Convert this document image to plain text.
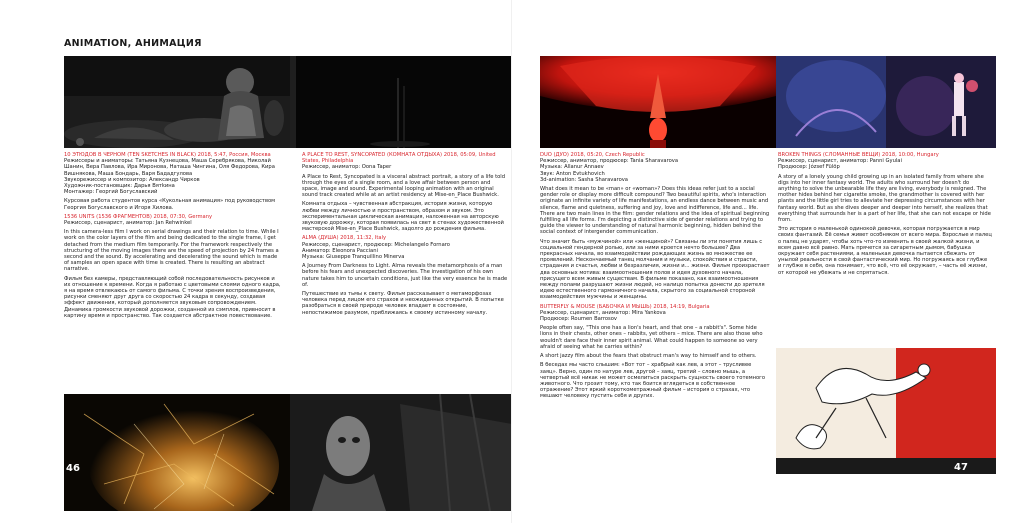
ANIMATION, АНИМАЦИЯ
10 ЭТЮДОВ В ЧЕРНОМ (TEN SKETCHES IN BLACK) 2018, 5:47, Россия, Москва
Режиссеры и аниматоры: Татьяна Кузнецова, Маша Серебрякова, Николай Шанин, Вера Павлова, Ира Миронова, Наташа Чингина, Оля Федорова, Кира Вишнякова, Маша Бондарь, Варя Бададгулова
Звукорежиссер и композитор: Александр Чирков
Художник-постановщик: Дарья Вятkина
Монтажер: Георгий Богуславский

Курсовая работа студентов курса «Кукольная анимация» под руководством Георгия Богуславского и Игоря Хилова.

1536 UNITS (1536 ФРАГМЕНТОВ) 2018, 07:30, Germany
Режиссер, сценарист, аниматор: Jan Rehwinkel

In this camera-less film I work on serial drawings and their relation to time. While I work on the color layers of the film and being dedicated to the single frame, I get detached from the medium film temporarily. For the framework respectively the structuring of the moving images there are the speed of projection by 24 frames a second and the sound. By accelerating and decelerating the sound which is made of samples an open space with time is created. There is resulting an abstract narrative.

Фильм без камеры, представляющий собой последовательность рисунков и их отношение к времени. Когда я работаю с цветовыми слоями одного кадра, я на время отвлекаюсь от самого фильма. С точки зрения воспроизведения, рисунки сменяют друг друга со скоростью 24 кадра в секунду, создавая эффект движения, который дополняется звуковым сопровождением. Динамика громкости звуковой дорожки, созданной из сэмплов, привносит в картину время и пространство. Так создается абстрактное повествование.

A PLACE TO REST, SYNCOPATED (КОМНАТА ОТДЫХА) 2018, 05:09, United States, Philadelphia
Режиссер, аниматор: Oona Taper

A Place to Rest, Syncopated is a visceral abstract portrait, a story of a life told through the eyes of a single room, and a love affair between person and space, image and sound. Experimental looping animation with an original sound track created while at an artist residency at Mise-en_Place Bushwick.

Комната отдыха – чувственная абстракция, история жизни, которую любви между личностью и пространством, образом и звуком. Это экспериментальная циклическая анимация, наложенная на авторскую звуковую дорожку, которая появилась на свет в стенах художественной мастерской Mise-en_Place Bushwick, задолго до рождения фильма.

ALMA (ДУША) 2018, 11:32, Italy
Режиссер, сценарист, продюсер: Michelangelo Fornaro
Аниматор: Eleonora Pacciani
Музыка: Giuseppe Tranquillino Minerva

A Journey From Darkness to Light. Alma reveals the metamorphosis of a man before his fears and unexpected discoveries. The investigation of his own nature takes him to uncertain conditions, just like the very essence he is made of.

Путешествие из тьмы к свету. Фильм рассказывает о метаморфозах человека перед лицом его страхов и неожиданных открытий. В попытке разобраться в своей природе человек впадает в состояние, непостижимое разумом, приближаясь к своему истинному началу.

46
DUO (ДУО) 2018, 05:20, Czech Republic
Режиссер, аниматор, продюсер: Tania Sharavarova
Музыка: Allanur Annaev
Звук: Anton Evtukhovich
3d-animation: Sasha Sharavarova

What does it mean to be «man» or «woman»? Does this ideas refer just to a social gender role or display more difficult compound? Two beautiful spirits, who's interaction originate an infinite variety of life manifestations, an endless dance between music and silence, flame and quietness, suffering and joy, love and indifference, life and... life. There are two main lines in the film: gender relations and the idea of spiritual beginning fulfilling all life forms. I'm depicting a distinctive side of gender relations and trying to guide the viewer to understanding of natural harmonic beginning, hidden behind the social context of intergender communication.

Что значит быть «мужчиной» или «женщиной»? Связаны ли эти понятия лишь с социальной гендерной ролью, или за ними кроется нечто большее? Два прекрасных начала, во взаимодействии рождающих жизнь во множестве ее проявлений. Нескончаемый танец молчания и музыки, спокойствия и страсти, страдания и счастья, любви и безразличия, жизни и... жизни. Фильм произрастает два основных мотива: взаимоотношения полов и идея духовного начала, присущего всем живым существам. В фильме показано, как взаимоотношения между полами разрушают жизни людей, но налицо попытка донести до зрителя идею естественного гармоничного начала, скрытого за социальной стороной взаимодействия мужчины и женщины.

BUTTERFLY & MOUSE (БАБОЧКА И МЫШЬ) 2018, 14:19, Bulgaria
Режиссер, сценарист, аниматор: Mira Yankova
Продюсер: Roumen Barrosov

People often say, "This one has a lion's heart, and that one – a rabbit's". Some hide lions in their chests, other ones – rabbits, yet others – mice. There are also those who wouldn't dare face their inner spirit animal. What could happen to someone so very afraid of seeing what he carries within?

A short jazzy film about the fears that obstruct man's way to himself and to others.

В беседах мы часто слышим: «Вот тот – храбрый как лев, а этот – трусливее заяц». Верно, один по натуре лев, другой – заяц, третий – словно мышь, а четвертый всё никак не может осмелиться раскрыть сущность своего тотемного животного. Что грозит тому, кто так боится вглядеться в собственное отражение? Этот яркий короткометражный фильм – история о страхах, что мешают человеку пустить себя и других.

BROKEN THINGS (СЛОМАННЫЕ ВЕЩИ) 2018, 10:00, Hungary
Режиссер, сценарист, аниматор: Panni Gyulai
Продюсер: József Fülöp

A story of a lonely young child growing up in an isolated family from where she digs into her inner fantasy world. The adults who surround her doesn't do anything to solve the unbearable life they are living, everybody is resigned. The mother hides behind her cigarette smoke, the grandmother is covered with her plants and the little girl tries to alleviate her depressing circumstances with her fantasy world. But as she dives deeper and deeper into herself, she realizes that everything that surrounds her is a part of her life, that she can not escape or hide from.

Это история о маленькой одинокой девочке, которая погружается в мир своих фантазий. Её семья живет особняком от всего мира. Взрослые и палец о палец не ударят, чтобы хоть что-то изменить в своей жалкой жизни, и всем давно всё равно. Мать прячется за сигаретным дымом, бабушка окружает себя растениями, а маленькая девочка пытается сбежать от унылой реальности в свой фантастический мир. Но погружаясь все глубже и глубже в себя, она понимает, что всё, что её окружает, – часть её жизни, от которой не убежать и не спрятаться.

47
